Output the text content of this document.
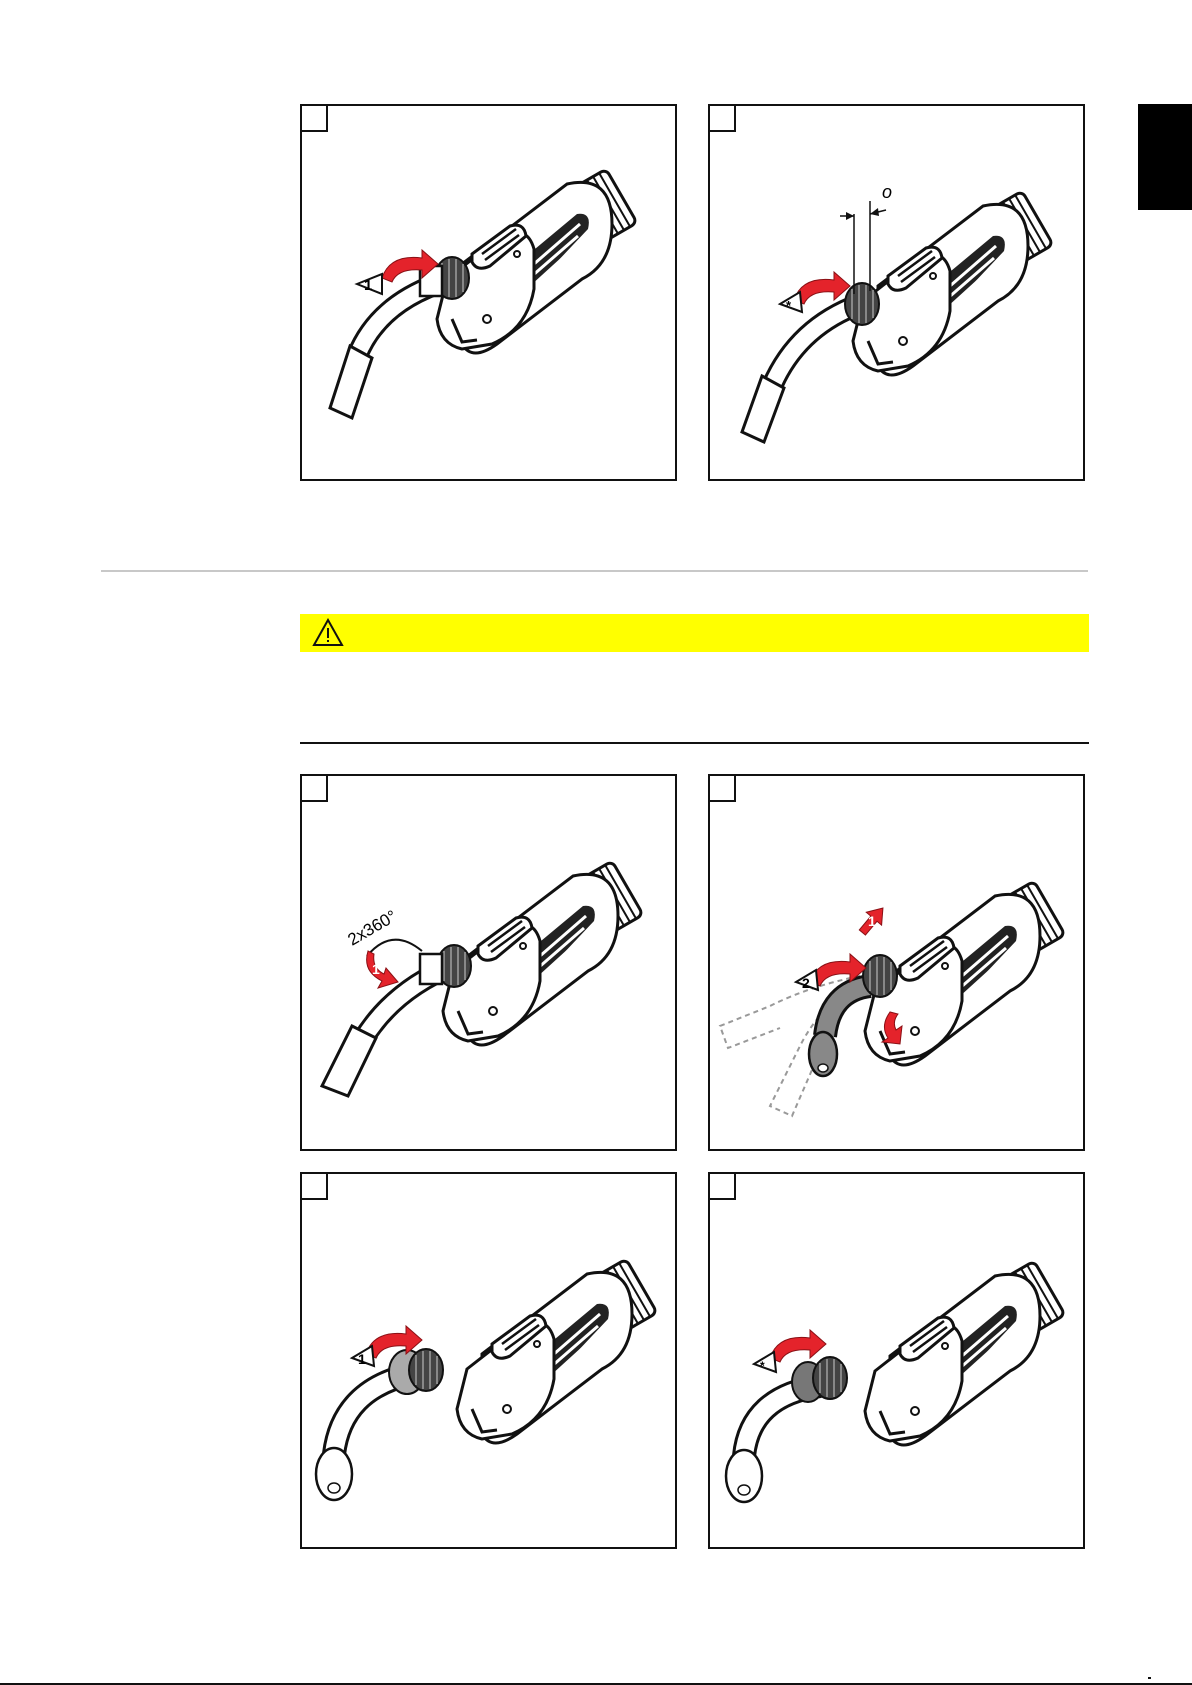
1
*
o
1
2x360°	1
2
1	*
